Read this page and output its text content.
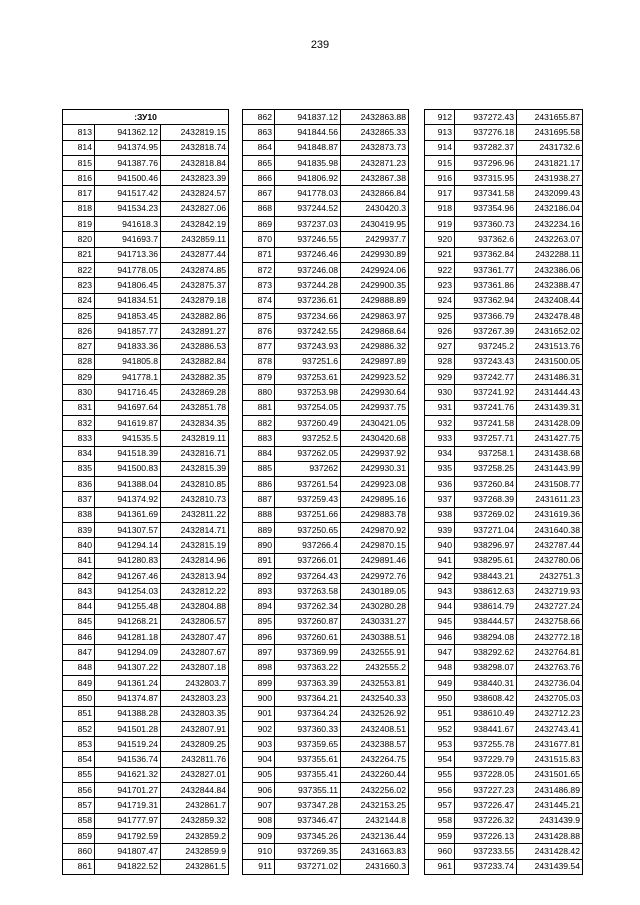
239
:ЗУ10		
813	941362.12	2432819.15
814	941374.95	2432818.74
815	941387.76	2432818.84
816	941500.46	2432823.39
817	941517.42	2432824.57
818	941534.23	2432827.06
819	941618.3	2432842.19
820	941693.7	2432859.11
821	941713.36	2432877.44
822	941778.05	2432874.85
823	941806.45	2432875.37
824	941834.51	2432879.18
825	941853.45	2432882.86
826	941857.77	2432891.27
827	941833.36	2432886.53
828	941805.8	2432882.84
829	941778.1	2432882.35
830	941716.45	2432869.28
831	941697.64	2432851.78
832	941619.87	2432834.35
833	941535.5	2432819.11
834	941518.39	2432816.71
835	941500.83	2432815.39
836	941388.04	2432810.85
837	941374.92	2432810.73
838	941361.69	2432811.22
839	941307.57	2432814.71
840	941294.14	2432815.19
841	941280.83	2432814.96
842	941267.46	2432813.94
843	941254.03	2432812.22
844	941255.48	2432804.88
845	941268.21	2432806.57
846	941281.18	2432807.47
847	941294.09	2432807.67
848	941307.22	2432807.18
849	941361.24	2432803.7
850	941374.87	2432803.23
851	941388.28	2432803.35
852	941501.28	2432807.91
853	941519.24	2432809.25
854	941536.74	2432811.76
855	941621.32	2432827.01
856	941701.27	2432844.84
857	941719.31	2432861.7
858	941777.97	2432859.32
859	941792.59	2432859.2
860	941807.47	2432859.9
861	941822.52	2432861.5
862	941837.12	2432863.88
863	941844.56	2432865.33
864	941848.87	2432873.73
865	941835.98	2432871.23
866	941806.92	2432867.38
867	941778.03	2432866.84
868	937244.52	2430420.3
869	937237.03	2430419.95
870	937246.55	2429937.7
871	937246.46	2429930.89
872	937246.08	2429924.06
873	937244.28	2429900.35
874	937236.61	2429888.89
875	937234.66	2429863.97
876	937242.55	2429868.64
877	937243.93	2429886.32
878	937251.6	2429897.89
879	937253.61	2429923.52
880	937253.98	2429930.64
881	937254.05	2429937.75
882	937260.49	2430421.05
883	937252.5	2430420.68
884	937262.05	2429937.92
885	937262	2429930.31
886	937261.54	2429923.08
887	937259.43	2429895.16
888	937251.66	2429883.78
889	937250.65	2429870.92
890	937266.4	2429870.15
891	937266.01	2429891.46
892	937264.43	2429972.76
893	937263.58	2430189.05
894	937262.34	2430280.28
895	937260.87	2430331.27
896	937260.61	2430388.51
897	937369.99	2432555.91
898	937363.22	2432555.2
899	937363.39	2432553.81
900	937364.21	2432540.33
901	937364.24	2432526.92
902	937360.33	2432408.51
903	937359.65	2432388.57
904	937355.61	2432264.75
905	937355.41	2432260.44
906	937355.11	2432256.02
907	937347.28	2432153.25
908	937346.47	2432144.8
909	937345.26	2432136.44
910	937269.35	2431663.83
911	937271.02	2431660.3
912	937272.43	2431655.87
913	937276.18	2431695.58
914	937282.37	2431732.6
915	937296.96	2431821.17
916	937315.95	2431938.27
917	937341.58	2432099.43
918	937354.96	2432186.04
919	937360.73	2432234.16
920	937362.6	2432263.07
921	937362.84	2432288.11
922	937361.77	2432386.06
923	937361.86	2432388.47
924	937362.94	2432408.44
925	937366.79	2432478.48
926	937267.39	2431652.02
927	937245.2	2431513.76
928	937243.43	2431500.05
929	937242.77	2431486.31
930	937241.92	2431444.43
931	937241.76	2431439.31
932	937241.58	2431428.09
933	937257.71	2431427.75
934	937258.1	2431438.68
935	937258.25	2431443.99
936	937260.84	2431508.77
937	937268.39	2431611.23
938	937269.02	2431619.36
939	937271.04	2431640.38
940	938296.97	2432787.44
941	938295.61	2432780.06
942	938443.21	2432751.3
943	938612.63	2432719.93
944	938614.79	2432727.24
945	938444.57	2432758.66
946	938294.08	2432772.18
947	938292.62	2432764.81
948	938298.07	2432763.76
949	938440.31	2432736.04
950	938608.42	2432705.03
951	938610.49	2432712.23
952	938441.67	2432743.41
953	937255.78	2431677.81
954	937229.79	2431515.83
955	937228.05	2431501.65
956	937227.23	2431486.89
957	937226.47	2431445.21
958	937226.32	2431439.9
959	937226.13	2431428.88
960	937233.55	2431428.42
961	937233.74	2431439.54
